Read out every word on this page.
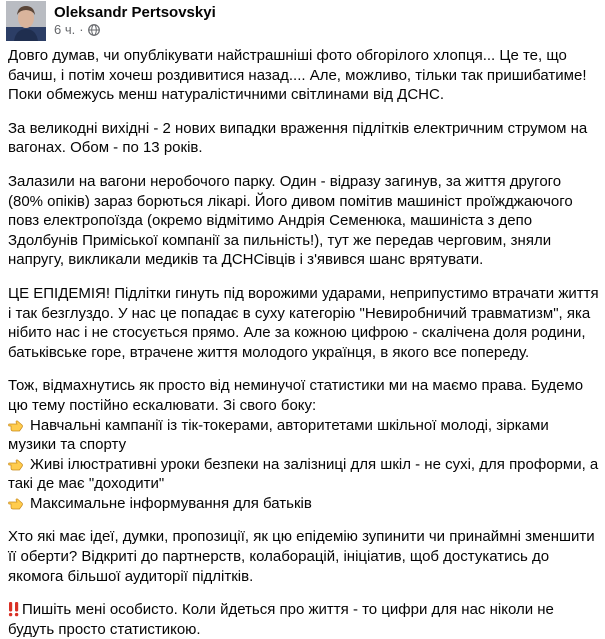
Oleksandr Pertsovskyi
6 ч. ·

Довго думав, чи опублікувати найстрашніші фото обгорілого хлопця... Це те, що бачиш, і потім хочеш роздивитися назад.... Але, можливо, тільки так пришибатиме! Поки обмежусь менш натуралістичними світлинами від ДСНС.

За великодні вихідні - 2 нових випадки враження підлітків електричним струмом на вагонах. Обом - по 13 років.

Залазили на вагони неробочого парку. Один - відразу загинув, за життя другого (80% опіків) зараз борються лікарі. Його дивом помітив машиніст проїжджаючого повз електропоїзда (окремо відмітимо Андрія Семенюка, машиніста з депо Здолбунів Приміської компанії за пильність!), тут же передав черговим, зняли напругу, викликали медиків та ДСНСівців і з'явився шанс врятувати.

ЦЕ ЕПІДЕМІЯ! Підлітки гинуть під ворожими ударами, неприпустимо втрачати життя і так безглуздо. У нас це попадає в суху категорію "Невиробничий травматизм", яка нібито нас і не стосується прямо. Але за кожною цифрою - скалічена доля родини, батьківське горе, втрачене життя молодого українця, в якого все попереду.

Тож, відмахнутись як просто від неминучої статистики ми на маємо права. Будемо цю тему постійно ескалювати. Зі свого боку:

Навчальні кампанії із тік-токерами, авторитетами шкільної молоді, зірками музики та спорту
Живі ілюстративні уроки безпеки на залізниці для шкіл - не сухі, для проформи, а такі де має "доходити"
Максимальне інформування для батьків

Хто які має ідеї, думки, пропозиції, як цю епідемію зупинити чи принаймні зменшити її оберти? Відкриті до партнерств, колаборацій, ініціатив, щоб достукатись до якомога більшої аудиторії підлітків.

Пишіть мені особисто. Коли йдеться про життя - то цифри для нас ніколи не будуть просто статистикою.
